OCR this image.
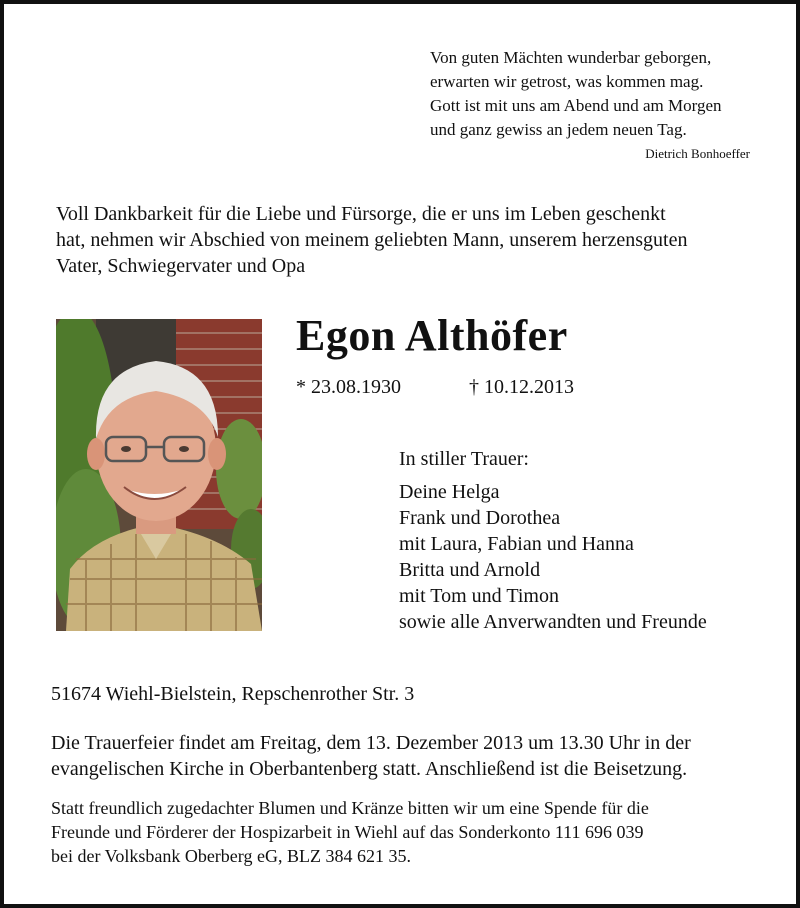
Von guten Mächten wunderbar geborgen,
erwarten wir getrost, was kommen mag.
Gott ist mit uns am Abend und am Morgen
und ganz gewiss an jedem neuen Tag.
Dietrich Bonhoeffer
Voll Dankbarkeit für die Liebe und Fürsorge, die er uns im Leben geschenkt
hat, nehmen wir Abschied von meinem geliebten Mann, unserem herzensguten
Vater, Schwiegervater und Opa
Egon Althöfer
* 23.08.1930	† 10.12.2013
In stiller Trauer:
Deine Helga
Frank und Dorothea
mit Laura, Fabian und Hanna
Britta und Arnold
mit Tom und Timon
sowie alle Anverwandten und Freunde
51674 Wiehl-Bielstein, Repschenrother Str. 3
Die Trauerfeier findet am Freitag, dem 13. Dezember 2013 um 13.30 Uhr in der
evangelischen Kirche in Oberbantenberg statt. Anschließend ist die Beisetzung.
Statt freundlich zugedachter Blumen und Kränze bitten wir um eine Spende für die
Freunde und Förderer der Hospizarbeit in Wiehl auf das Sonderkonto 111 696 039
bei der Volksbank Oberberg eG, BLZ 384 621 35.
